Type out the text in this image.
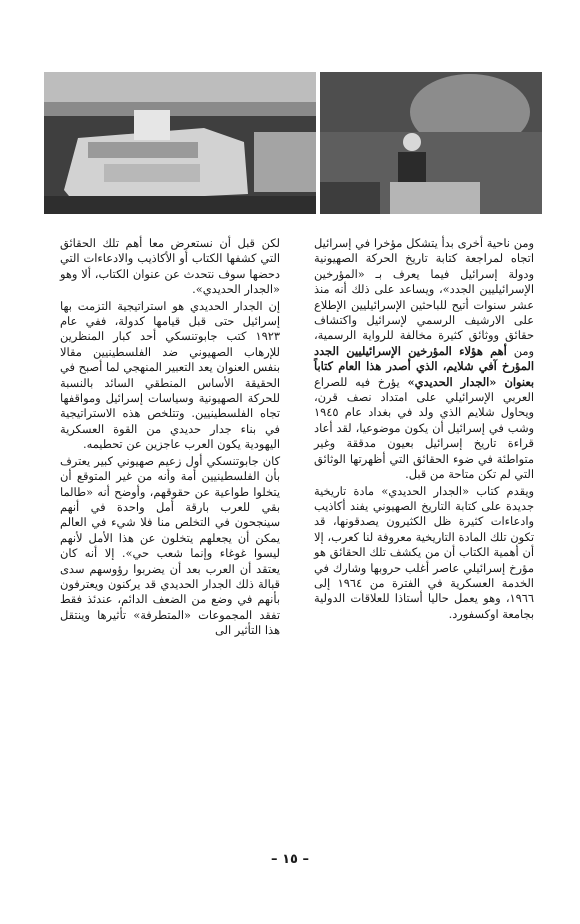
ومن ناحية أخرى بدأ يتشكل مؤخرا في إسرائيل اتجاه لمراجعة كتابة تاريخ الحركة الصهيونية ودولة إسرائيل فيما يعرف بـ «المؤرخين الإسرائيليين الجدد»، ويساعد على ذلك أنه منذ عشر سنوات أتيح للباحثين الإسرائيليين الإطلاع على الارشيف الرسمي لإسرائيل واكتشاف حقائق ووثائق كثيرة مخالفة للرواية الرسمية، ومن أهم هؤلاء المؤرخين الإسرائيليين الجدد المؤرخ آفي شلايم، الذي أصدر هذا العام كتاباً بعنوان «الجدار الحديدي» يؤرخ فيه للصراع العربي الإسرائيلي على امتداد نصف قرن، ويحاول شلايم الذي ولد في بغداد عام ١٩٤٥ وشب في إسرائيل أن يكون موضوعيا، لقد أعاد قراءة تاريخ إسرائيل بعيون مدققة وغير متواطئة في ضوء الحقائق التي أظهرتها الوثائق التي لم تكن متاحة من قبل.

ويقدم كتاب «الجدار الحديدي» مادة تاريخية جديدة على كتابة التاريخ الصهيوني يفند أكاذيب وادعاءات كثيرة ظل الكثيرون يصدقونها، قد تكون تلك المادة التاريخية معروفة لنا كعرب، إلا أن أهمية الكتاب أن من يكشف تلك الحقائق هو مؤرخ إسرائيلي عاصر أغلب حروبها وشارك في الخدمة العسكرية في الفترة من ١٩٦٤ إلى ١٩٦٦، وهو يعمل حاليا أستاذا للعلاقات الدولية بجامعة اوكسفورد.

لكن قبل أن نستعرض معا أهم تلك الحقائق التي كشفها الكتاب أو الأكاذيب والادعاءات التي دحضها سوف نتحدث عن عنوان الكتاب، ألا وهو «الجدار الحديدي».

إن الجدار الحديدي هو استراتيجية التزمت بها إسرائيل حتى قبل قيامها كدولة، ففي عام ١٩٢٣ كتب جابوتنسكي أحد كبار المنظرين للإرهاب الصهيوني ضد الفلسطينيين مقالا بنفس العنوان يعد التعبير المنهجي لما أصبح في الحقيقة الأساس المنطقي السائد بالنسبة للحركة الصهيونية وسياسات إسرائيل ومواقفها تجاه الفلسطينيين. وتتلخص هذه الاستراتيجية في بناء جدار حديدي من القوة العسكرية اليهودية يكون العرب عاجزين عن تحطيمه.

كان جابوتنسكي أول زعيم صهيوني كبير يعترف بأن الفلسطينيين أمة وأنه من غير المتوقع أن يتخلوا طواعية عن حقوقهم، وأوضح أنه «طالما بقي للعرب بارقة أمل واحدة في أنهم سينجحون في التخلص منا فلا شيء في العالم يمكن أن يجعلهم يتخلون عن هذا الأمل لأنهم ليسوا غوغاء وإنما شعب حي». إلا أنه كان يعتقد أن العرب بعد أن يضربوا رؤوسهم سدى قبالة ذلك الجدار الحديدي قد يركنون ويعترفون بأنهم في وضع من الضعف الدائم، عندئذ فقط تفقد المجموعات «المتطرفة» تأثيرها وينتقل هذا التأثير الى

– ١٥ –
